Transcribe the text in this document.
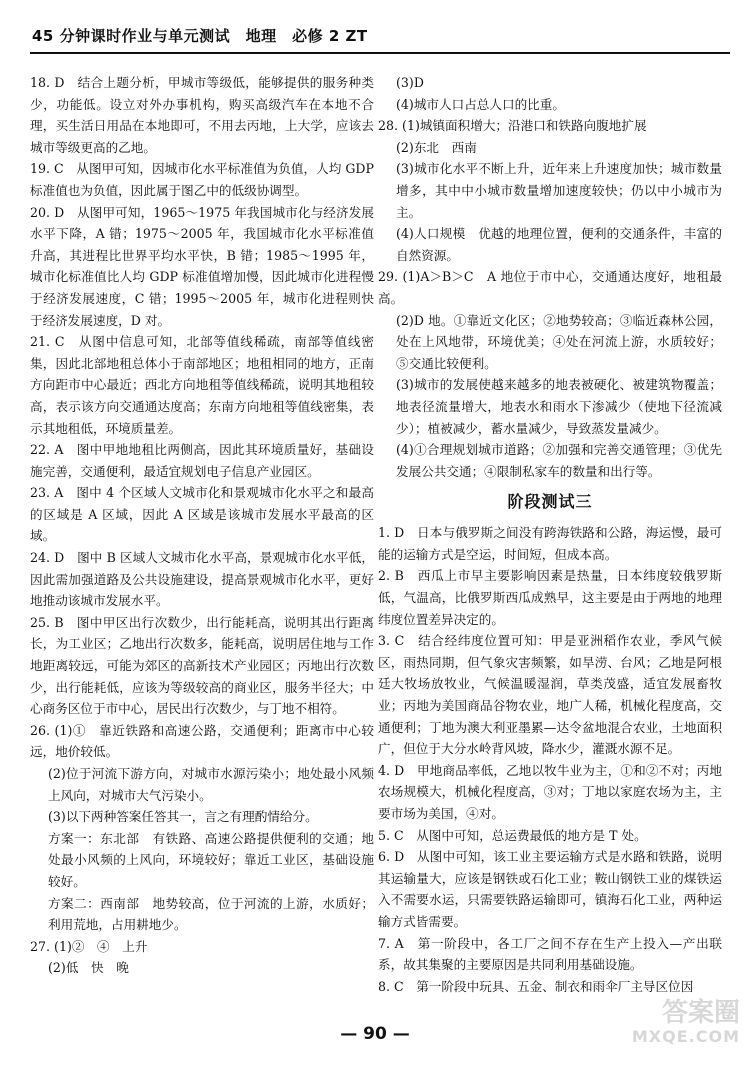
45 分钟课时作业与单元测试　地理　必修 2 ZT

18. D　结合上题分析，甲城市等级低，能够提供的服务种类少，功能低。设立对外办事机构，购买高级汽车在本地不合理，买生活日用品在本地即可，不用去丙地，上大学，应该去城市等级更高的乙地。

19. C　从图甲可知，因城市化水平标准值为负值，人均 GDP 标准值也为负值，因此属于图乙中的低级协调型。

20. D　从图甲可知，1965～1975 年我国城市化与经济发展水平下降，A 错；1975～2005 年，我国城市化水平标准值升高，其进程比世界平均水平快，B 错；1985～1995 年，城市化标准值比人均 GDP 标准值增加慢，因此城市化进程慢于经济发展速度，C 错；1995～2005 年，城市化进程则快于经济发展速度，D 对。

21. C　从图中信息可知，北部等值线稀疏，南部等值线密集，因此北部地租总体小于南部地区；地租相同的地方，正南方向距市中心最近；西北方向地租等值线稀疏，说明其地租较高，表示该方向交通通达度高；东南方向地租等值线密集，表示其地租低，环境质量差。

22. A　图中甲地地租比两侧高，因此其环境质量好，基础设施完善，交通便利，最适宜规划电子信息产业园区。

23. A　图中 4 个区域人文城市化和景观城市化水平之和最高的区域是 A 区域，因此 A 区域是该城市发展水平最高的区域。

24. D　图中 B 区域人文城市化水平高，景观城市化水平低，因此需加强道路及公共设施建设，提高景观城市化水平，更好地推动该城市发展水平。

25. B　图中甲区出行次数少，出行能耗高，说明其出行距离长，为工业区；乙地出行次数多，能耗高，说明居住地与工作地距离较远，可能为郊区的高新技术产业园区；丙地出行次数少，出行能耗低，应该为等级较高的商业区，服务半径大；中心商务区位于市中心，居民出行次数少，与丁地不相符。

26. (1)①　靠近铁路和高速公路，交通便利；距离市中心较远，地价较低。

(2)位于河流下游方向，对城市水源污染小；地处最小风频上风向，对城市大气污染小。

(3)以下两种答案任答其一，言之有理酌情给分。

方案一：东北部　有铁路、高速公路提供便利的交通；地处最小风频的上风向，环境较好；靠近工业区，基础设施较好。

方案二：西南部　地势较高，位于河流的上游，水质好；利用荒地，占用耕地少。

27. (1)②　④　上升

(2)低　快　晚

(3)D

(4)城市人口占总人口的比重。

28. (1)城镇面积增大；沿港口和铁路向腹地扩展

(2)东北　西南

(3)城市化水平不断上升，近年来上升速度加快；城市数量增多，其中中小城市数量增加速度较快；仍以中小城市为主。

(4)人口规模　优越的地理位置，便利的交通条件，丰富的自然资源。

29. (1)A＞B＞C　A 地位于市中心，交通通达度好，地租最高。

(2)D 地。①靠近文化区；②地势较高；③临近森林公园，处在上风地带，环境优美；④处在河流上游，水质较好；⑤交通比较便利。

(3)城市的发展使越来越多的地表被硬化、被建筑物覆盖；地表径流量增大，地表水和雨水下渗减少（使地下径流减少）；植被减少，蓄水量减少，导致蒸发量减少。

(4)①合理规划城市道路；②加强和完善交通管理；③优先发展公共交通；④限制私家车的数量和出行等。

阶段测试三

1. D　日本与俄罗斯之间没有跨海铁路和公路，海运慢，最可能的运输方式是空运，时间短，但成本高。

2. B　西瓜上市早主要影响因素是热量，日本纬度较俄罗斯低，气温高，比俄罗斯西瓜成熟早，这主要是由于两地的地理纬度位置差异决定的。

3. C　结合经纬度位置可知：甲是亚洲稻作农业，季风气候区，雨热同期，但气象灾害频繁，如旱涝、台风；乙地是阿根廷大牧场放牧业，气候温暖湿润，草类茂盛，适宜发展畜牧业；丙地为美国商品谷物农业，地广人稀，机械化程度高，交通便利；丁地为澳大利亚墨累—达令盆地混合农业，土地面积广，但位于大分水岭背风坡，降水少，灌溉水源不足。

4. D　甲地商品率低，乙地以牧牛业为主，①和②不对；丙地农场规模大，机械化程度高，③对；丁地以家庭农场为主，主要市场为美国，④对。

5. C　从图中可知，总运费最低的地方是 T 处。

6. D　从图中可知，该工业主要运输方式是水路和铁路，说明其运输量大，应该是钢铁或石化工业；鞍山钢铁工业的煤铁运入不需要水运，只需要铁路运输即可，镇海石化工业，两种运输方式皆需要。

7. A　第一阶段中，各工厂之间不存在生产上投入—产出联系，故其集聚的主要原因是共同利用基础设施。

8. C　第一阶段中玩具、五金、制衣和雨伞厂主导区位因

— 90 —
答案圈
MXQE.COM
